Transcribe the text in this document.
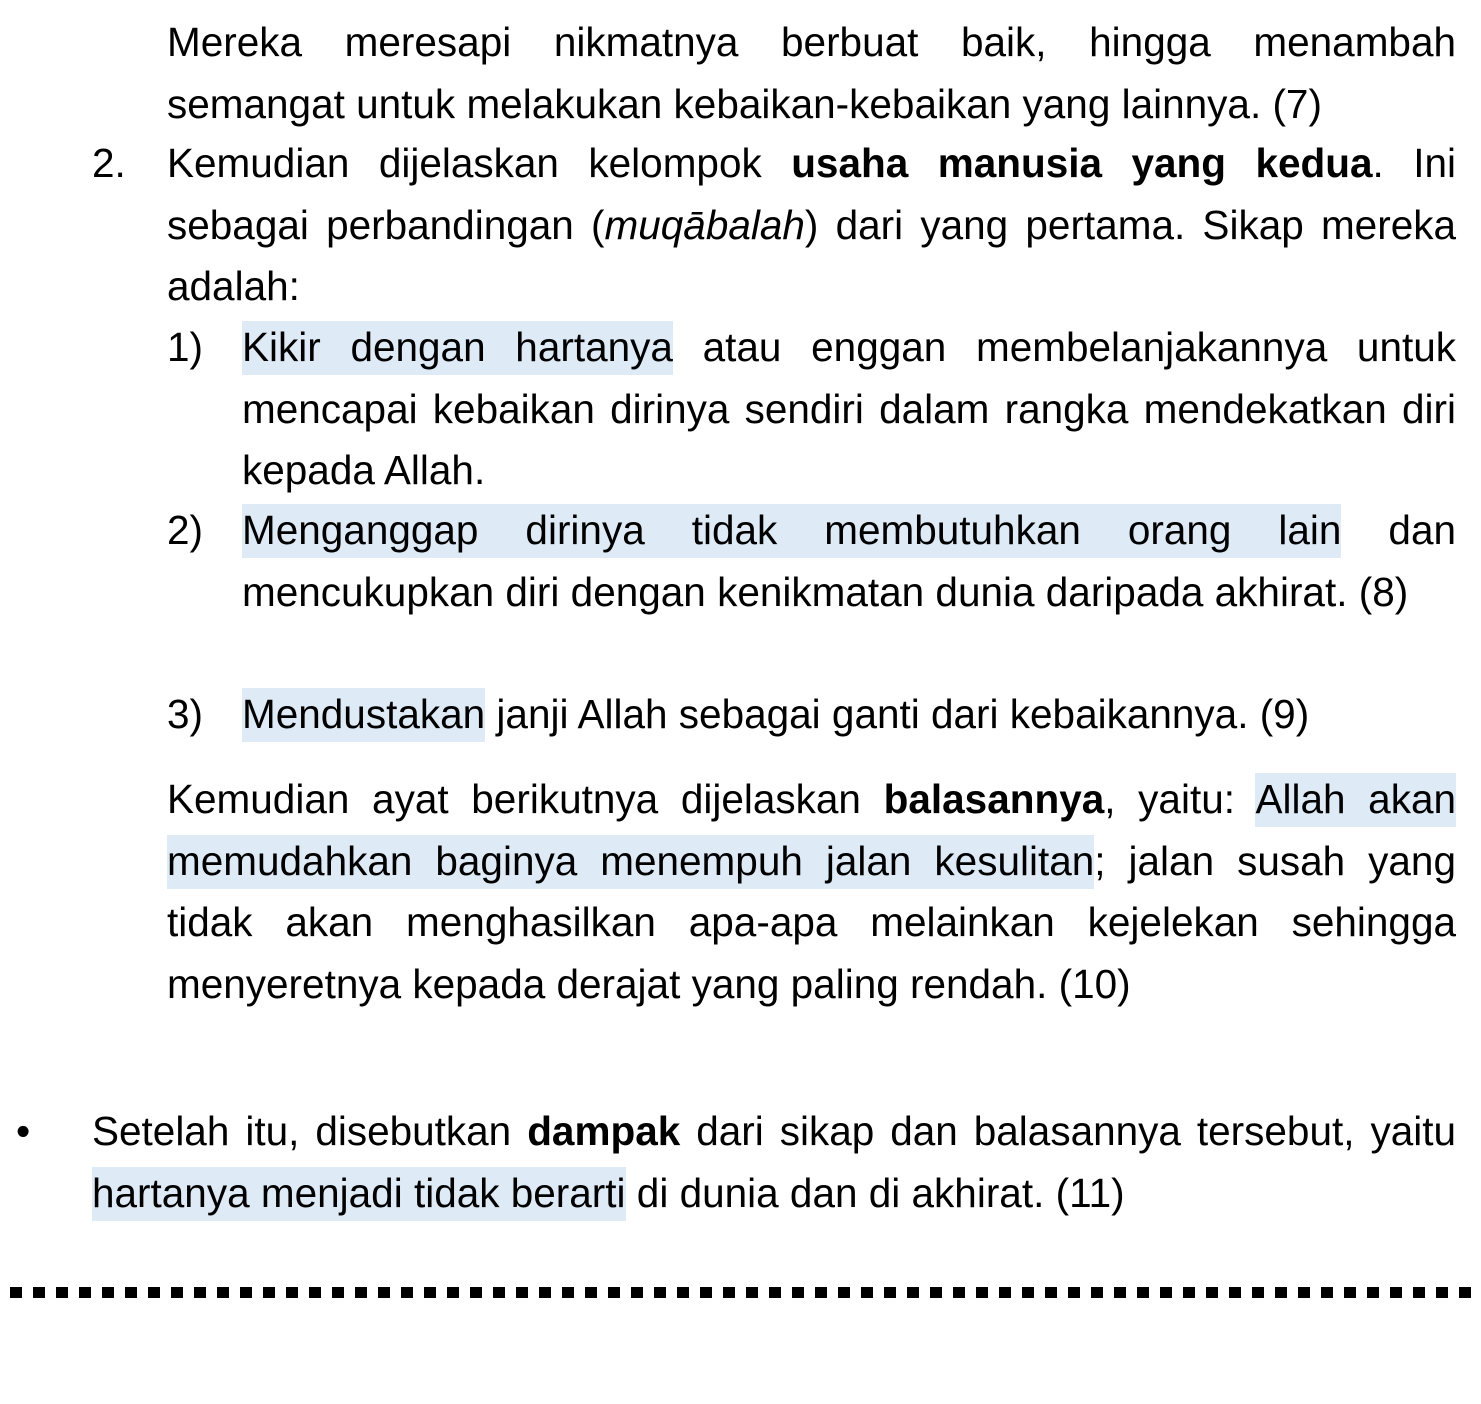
Mereka meresapi nikmatnya berbuat baik, hingga menambah semangat untuk melakukan kebaikan-kebaikan yang lainnya. (7)
2. Kemudian dijelaskan kelompok usaha manusia yang kedua. Ini sebagai perbandingan (muqābalah) dari yang pertama. Sikap mereka adalah:
1) Kikir dengan hartanya atau enggan membelanjakannya untuk mencapai kebaikan dirinya sendiri dalam rangka mendekatkan diri kepada Allah.
2) Menganggap dirinya tidak membutuhkan orang lain dan mencukupkan diri dengan kenikmatan dunia daripada akhirat. (8)
3) Mendustakan janji Allah sebagai ganti dari kebaikannya. (9)
Kemudian ayat berikutnya dijelaskan balasannya, yaitu: Allah akan memudahkan baginya menempuh jalan kesulitan; jalan susah yang tidak akan menghasilkan apa-apa melainkan kejelekan sehingga menyeretnya kepada derajat yang paling rendah. (10)
• Setelah itu, disebutkan dampak dari sikap dan balasannya tersebut, yaitu hartanya menjadi tidak berarti di dunia dan di akhirat. (11)
